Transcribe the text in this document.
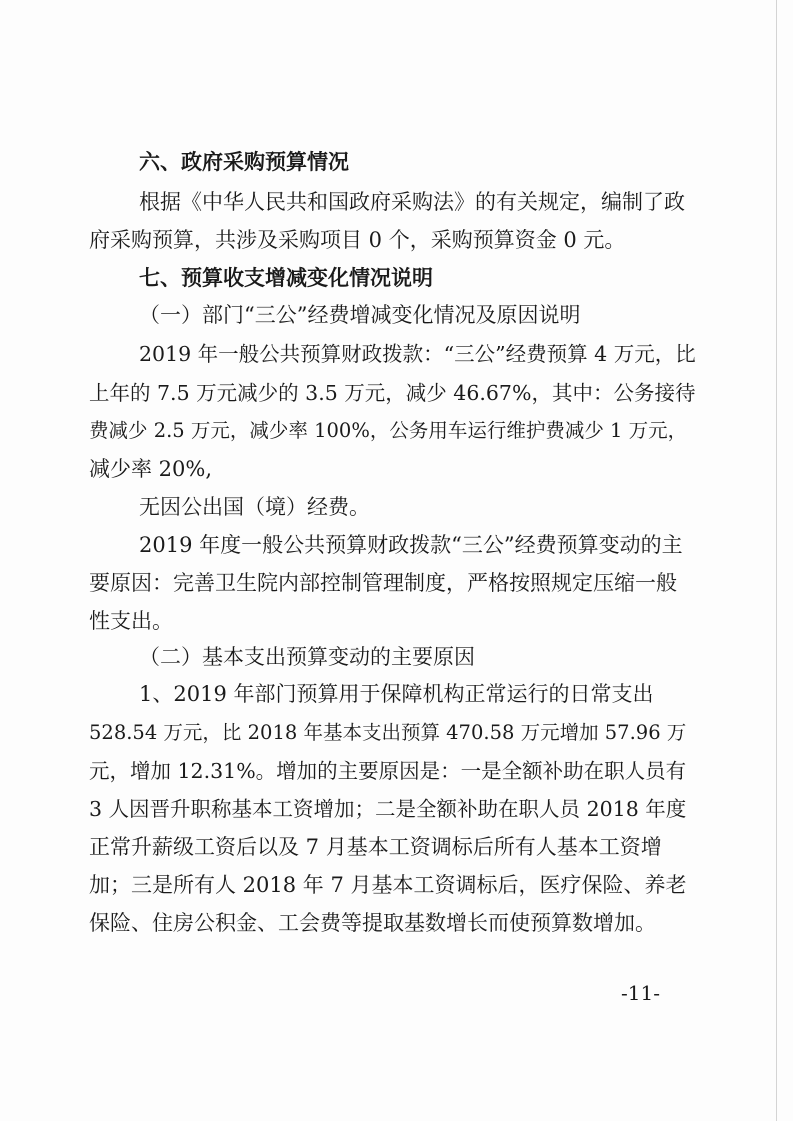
六、政府采购预算情况
根据《中华人民共和国政府采购法》的有关规定，编制了政
府采购预算，共涉及采购项目 0 个，采购预算资金 0 元。
七、预算收支增减变化情况说明
（一）部门“三公”经费增减变化情况及原因说明
2019 年一般公共预算财政拨款：“三公”经费预算 4 万元，比
上年的 7.5 万元减少的 3.5 万元，减少 46.67%，其中：公务接待
费减少 2.5 万元，减少率 100%，公务用车运行维护费减少 1 万元，
减少率 20%,
无因公出国（境）经费。
2019 年度一般公共预算财政拨款“三公”经费预算变动的主
要原因：完善卫生院内部控制管理制度，严格按照规定压缩一般
性支出。
（二）基本支出预算变动的主要原因
1、2019 年部门预算用于保障机构正常运行的日常支出
528.54 万元，比 2018 年基本支出预算 470.58 万元增加 57.96 万
元，增加 12.31%。增加的主要原因是：一是全额补助在职人员有
3 人因晋升职称基本工资增加；二是全额补助在职人员 2018 年度
正常升薪级工资后以及 7 月基本工资调标后所有人基本工资增
加；三是所有人 2018 年 7 月基本工资调标后，医疗保险、养老
保险、住房公积金、工会费等提取基数增长而使预算数增加。
-11-
